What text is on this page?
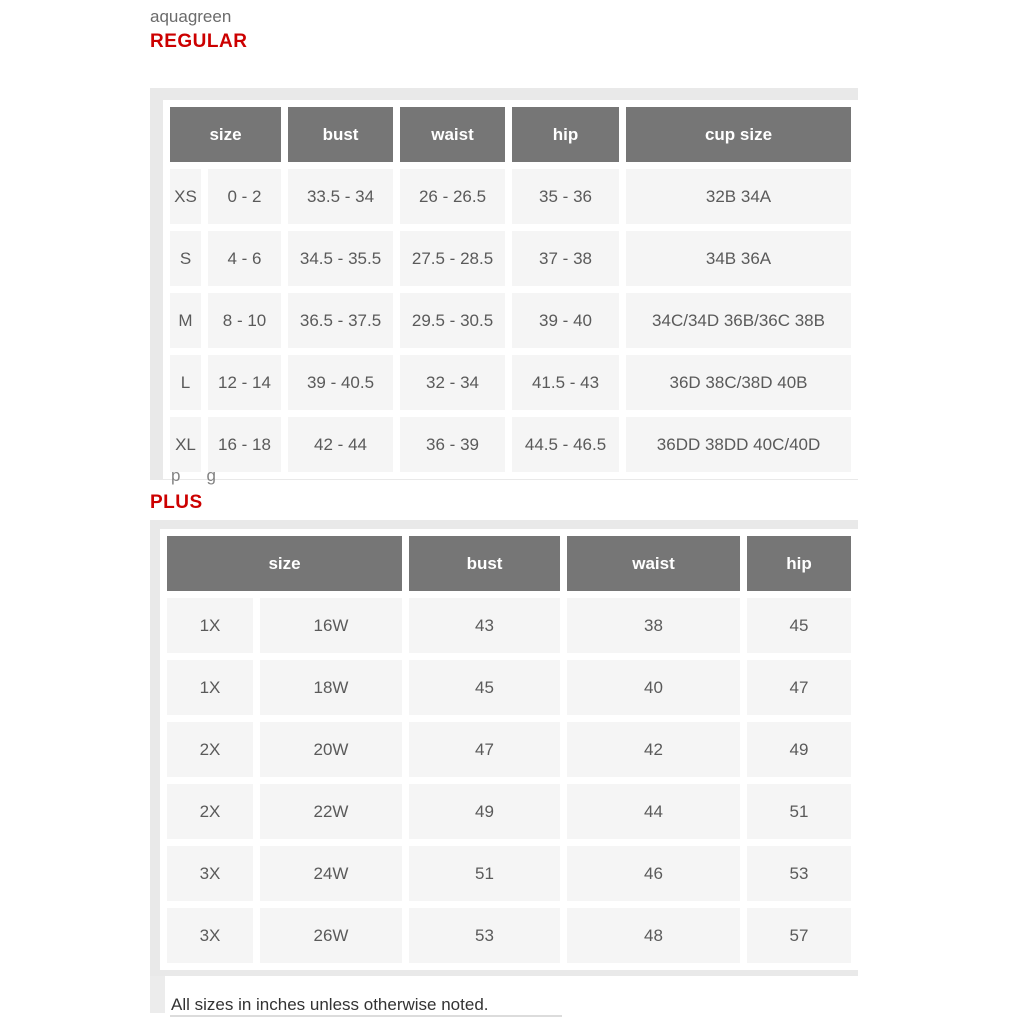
aquagreen
REGULAR
size		bust	waist	hip	cup size
XS	0 - 2	33.5 - 34	26 - 26.5	35 - 36	32B 34A
S	4 - 6	34.5 - 35.5	27.5 - 28.5	37 - 38	34B 36A
M	8 - 10	36.5 - 37.5	29.5 - 30.5	39 - 40	34C/34D 36B/36C 38B
L	12 - 14	39 - 40.5	32 - 34	41.5 - 43	36D 38C/38D 40B
XL	16 - 18	42 - 44	36 - 39	44.5 - 46.5	36DD 38DD 40C/40D
pg
PLUS
size		bust	waist	hip
1X	16W	43	38	45
1X	18W	45	40	47
2X	20W	47	42	49
2X	22W	49	44	51
3X	24W	51	46	53
3X	26W	53	48	57
All sizes in inches unless otherwise noted.
